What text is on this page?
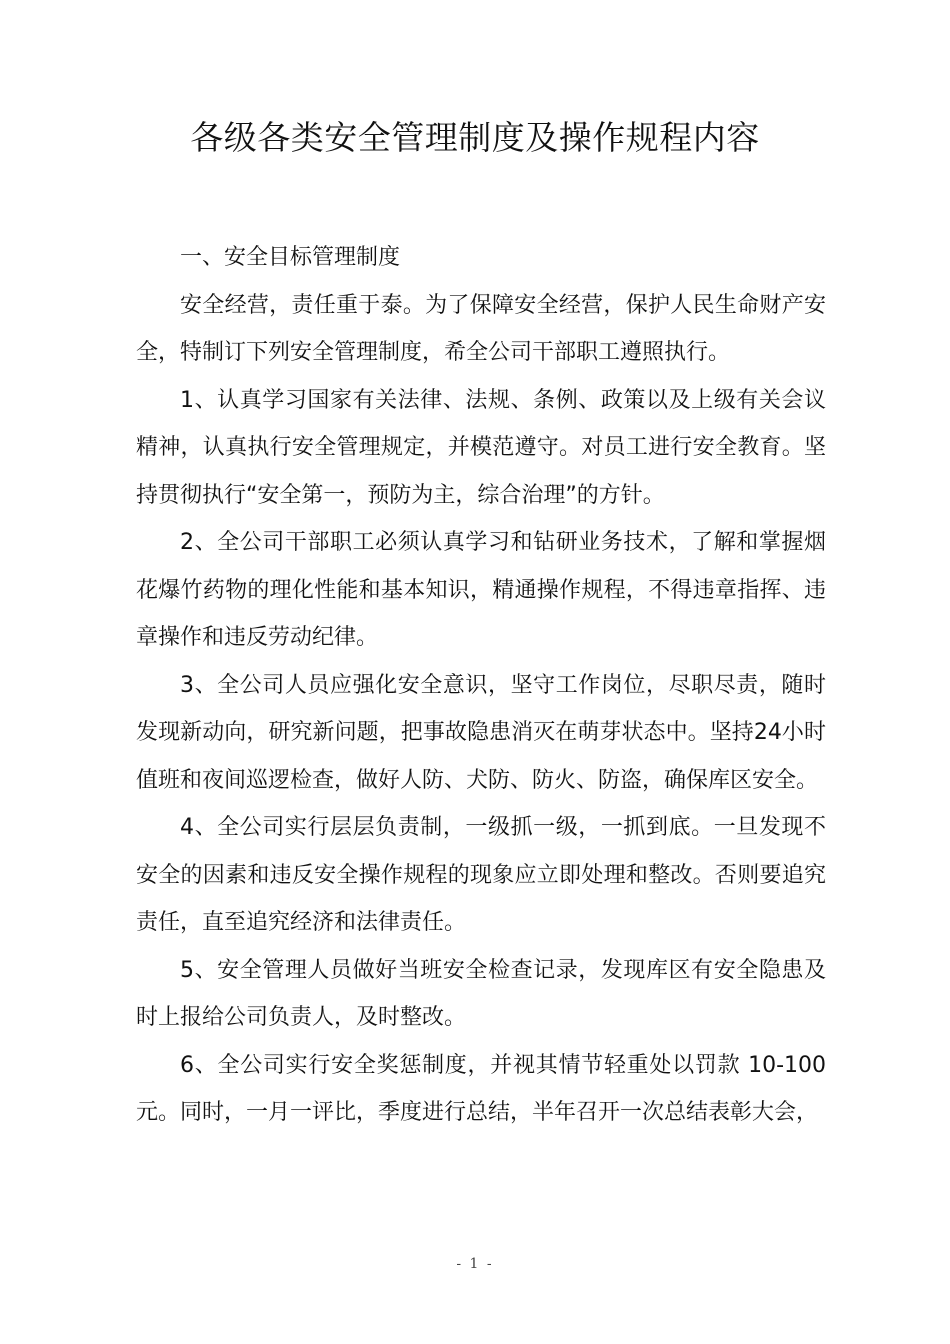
各级各类安全管理制度及操作规程内容

一、安全目标管理制度

安全经营，责任重于泰。为了保障安全经营，保护人民生命财产安全，特制订下列安全管理制度，希全公司干部职工遵照执行。

1、认真学习国家有关法律、法规、条例、政策以及上级有关会议精神，认真执行安全管理规定，并模范遵守。对员工进行安全教育。坚持贯彻执行“安全第一，预防为主，综合治理”的方针。

2、全公司干部职工必须认真学习和钻研业务技术，了解和掌握烟花爆竹药物的理化性能和基本知识，精通操作规程，不得违章指挥、违章操作和违反劳动纪律。

3、全公司人员应强化安全意识，坚守工作岗位，尽职尽责，随时发现新动向，研究新问题，把事故隐患消灭在萌芽状态中。坚持24小时值班和夜间巡逻检查，做好人防、犬防、防火、防盗，确保库区安全。

4、全公司实行层层负责制，一级抓一级，一抓到底。一旦发现不安全的因素和违反安全操作规程的现象应立即处理和整改。否则要追究责任，直至追究经济和法律责任。

5、安全管理人员做好当班安全检查记录，发现库区有安全隐患及时上报给公司负责人，及时整改。

6、全公司实行安全奖惩制度，并视其情节轻重处以罚款 10-100元。同时，一月一评比，季度进行总结，半年召开一次总结表彰大会，

- 1 -
